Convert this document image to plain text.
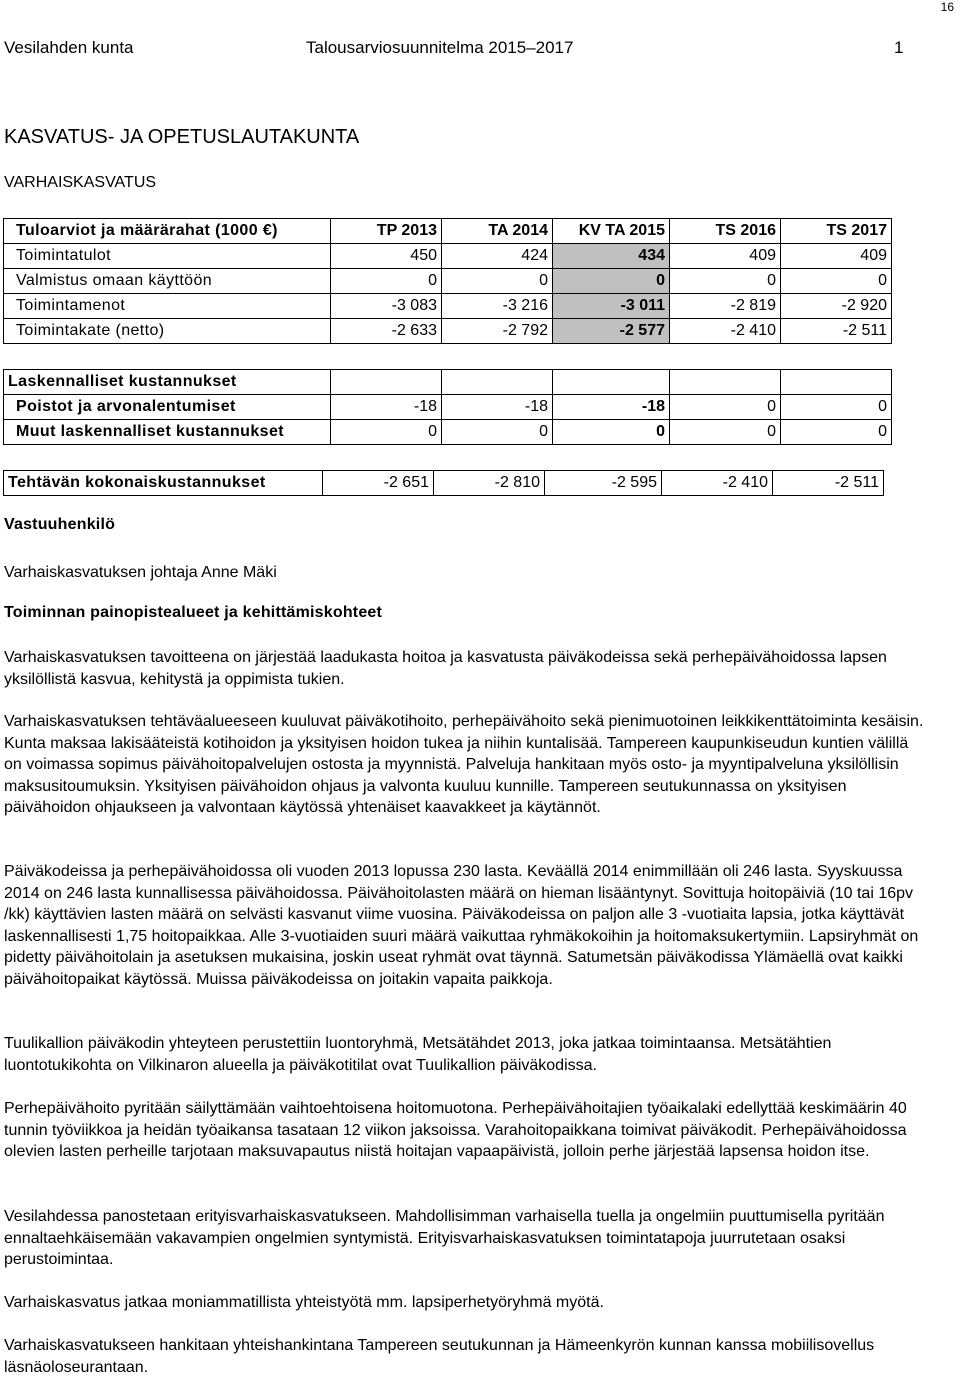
16
Vesilahden kunta	Talousarviosuunnitelma 2015–2017	1
KASVATUS- JA OPETUSLAUTAKUNTA
VARHAISKASVATUS
Tuloarviot ja määrärahat (1000 €)	TP 2013	TA 2014	KV TA 2015	TS 2016	TS 2017
Toimintatulot	450	424	434	409	409
Valmistus omaan käyttöön	0	0	0	0	0
Toimintamenot	-3 083	-3 216	-3 011	-2 819	-2 920
Toimintakate (netto)	-2 633	-2 792	-2 577	-2 410	-2 511
Laskennalliset kustannukset					
Poistot ja arvonalentumiset	-18	-18	-18	0	0
Muut laskennalliset kustannukset	0	0	0	0	0
Tehtävän kokonaiskustannukset	-2 651	-2 810	-2 595	-2 410	-2 511
Vastuuhenkilö
Varhaiskasvatuksen johtaja Anne Mäki
Toiminnan painopistealueet ja kehittämiskohteet

Varhaiskasvatuksen tavoitteena on järjestää laadukasta hoitoa ja kasvatusta päiväkodeissa sekä perhepäivähoidossa lapsen yksilöllistä kasvua, kehitystä ja oppimista tukien.

Varhaiskasvatuksen tehtäväalueeseen kuuluvat päiväkotihoito, perhepäivähoito sekä pienimuotoinen leikkikenttätoiminta kesäisin. Kunta maksaa lakisääteistä kotihoidon ja yksityisen hoidon tukea ja niihin kuntalisää. Tampereen kaupunkiseudun kuntien välillä on voimassa sopimus päivähoitopalvelujen ostosta ja myynnistä. Palveluja hankitaan myös osto- ja myyntipalveluna yksilöllisin maksusitoumuksin. Yksityisen päivähoidon ohjaus ja valvonta kuuluu kunnille. Tampereen seutukunnassa on yksityisen päivähoidon ohjaukseen ja valvontaan käytössä yhtenäiset kaavakkeet ja käytännöt.

Päiväkodeissa ja perhepäivähoidossa oli vuoden 2013 lopussa 230 lasta. Keväällä 2014 enimmillään oli 246 lasta. Syyskuussa 2014 on 246 lasta kunnallisessa päivähoidossa. Päivähoitolasten määrä on hieman lisääntynyt. Sovittuja hoitopäiviä (10 tai 16pv /kk) käyttävien lasten määrä on selvästi kasvanut viime vuosina. Päiväkodeissa on paljon alle 3 -vuotiaita lapsia, jotka käyttävät laskennallisesti 1,75 hoitopaikkaa. Alle 3-vuotiaiden suuri määrä vaikuttaa ryhmäkokoihin ja hoitomaksukertymiin. Lapsiryhmät on pidetty päivähoitolain ja asetuksen mukaisina, joskin useat ryhmät ovat täynnä. Satumetsän päiväkodissa Ylämäellä ovat kaikki päivähoitopaikat käytössä. Muissa päiväkodeissa on joitakin vapaita paikkoja.

Tuulikallion päiväkodin yhteyteen perustettiin luontoryhmä, Metsätähdet 2013, joka jatkaa toimintaansa. Metsätähtien luontotukikohta on Vilkinaron alueella ja päiväkotitilat ovat Tuulikallion päiväkodissa.

Perhepäivähoito pyritään säilyttämään vaihtoehtoisena hoitomuotona. Perhepäivähoitajien työaikalaki edellyttää keskimäärin 40 tunnin työviikkoa ja heidän työaikansa tasataan 12 viikon jaksoissa. Varahoitopaikkana toimivat päiväkodit. Perhepäivähoidossa olevien lasten perheille tarjotaan maksuvapautus niistä hoitajan vapaapäivistä, jolloin perhe järjestää lapsensa hoidon itse.

Vesilahdessa panostetaan erityisvarhaiskasvatukseen. Mahdollisimman varhaisella tuella ja ongelmiin puuttumisella pyritään ennaltaehkäisemään vakavampien ongelmien syntymistä. Erityisvarhaiskasvatuksen toimintatapoja juurrutetaan osaksi perustoimintaa.

Varhaiskasvatus jatkaa moniammatillista yhteistyötä mm. lapsiperhetyöryhmä myötä.

Varhaiskasvatukseen hankitaan yhteishankintana Tampereen seutukunnan ja Hämeenkyrön kunnan kanssa mobiilisovellus läsnäoloseurantaan.
